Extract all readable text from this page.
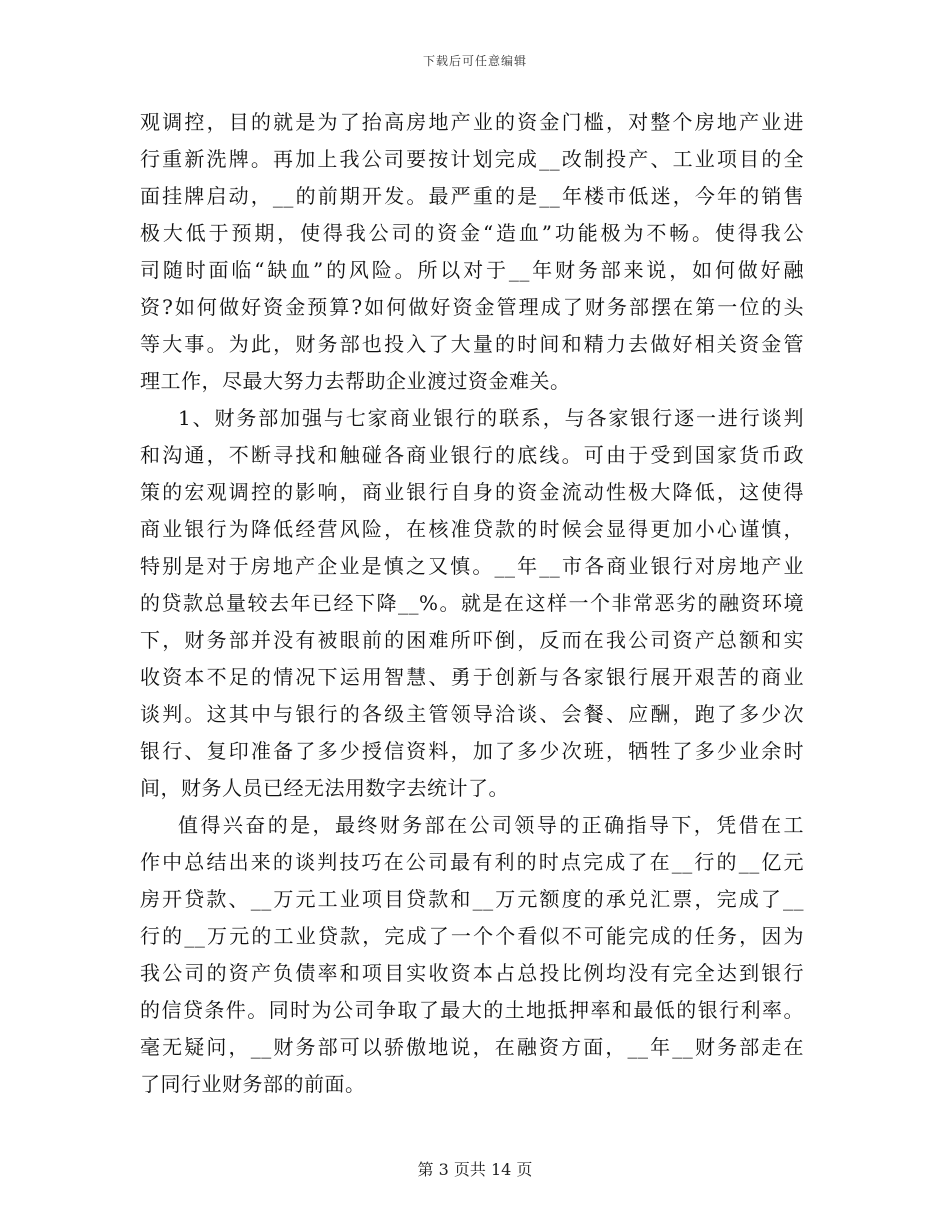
下载后可任意编辑
观调控，目的就是为了抬高房地产业的资金门槛，对整个房地产业进
行重新洗牌。再加上我公司要按计划完成__改制投产、工业项目的全
面挂牌启动，__的前期开发。最严重的是__年楼市低迷，今年的销售
极大低于预期，使得我公司的资金“造血”功能极为不畅。使得我公
司随时面临“缺血”的风险。所以对于__年财务部来说，如何做好融
资?如何做好资金预算?如何做好资金管理成了财务部摆在第一位的头
等大事。为此，财务部也投入了大量的时间和精力去做好相关资金管
理工作，尽最大努力去帮助企业渡过资金难关。
1、财务部加强与七家商业银行的联系，与各家银行逐一进行谈判
和沟通，不断寻找和触碰各商业银行的底线。可由于受到国家货币政
策的宏观调控的影响，商业银行自身的资金流动性极大降低，这使得
商业银行为降低经营风险，在核准贷款的时候会显得更加小心谨慎，
特别是对于房地产企业是慎之又慎。__年__市各商业银行对房地产业
的贷款总量较去年已经下降__%。就是在这样一个非常恶劣的融资环境
下，财务部并没有被眼前的困难所吓倒，反而在我公司资产总额和实
收资本不足的情况下运用智慧、勇于创新与各家银行展开艰苦的商业
谈判。这其中与银行的各级主管领导洽谈、会餐、应酬，跑了多少次
银行、复印准备了多少授信资料，加了多少次班，牺牲了多少业余时
间，财务人员已经无法用数字去统计了。
值得兴奋的是，最终财务部在公司领导的正确指导下，凭借在工
作中总结出来的谈判技巧在公司最有利的时点完成了在__行的__亿元
房开贷款、__万元工业项目贷款和__万元额度的承兑汇票，完成了__
行的__万元的工业贷款，完成了一个个看似不可能完成的任务，因为
我公司的资产负债率和项目实收资本占总投比例均没有完全达到银行
的信贷条件。同时为公司争取了最大的土地抵押率和最低的银行利率。
毫无疑问，__财务部可以骄傲地说，在融资方面，__年__财务部走在
了同行业财务部的前面。
第 3 页共 14 页
